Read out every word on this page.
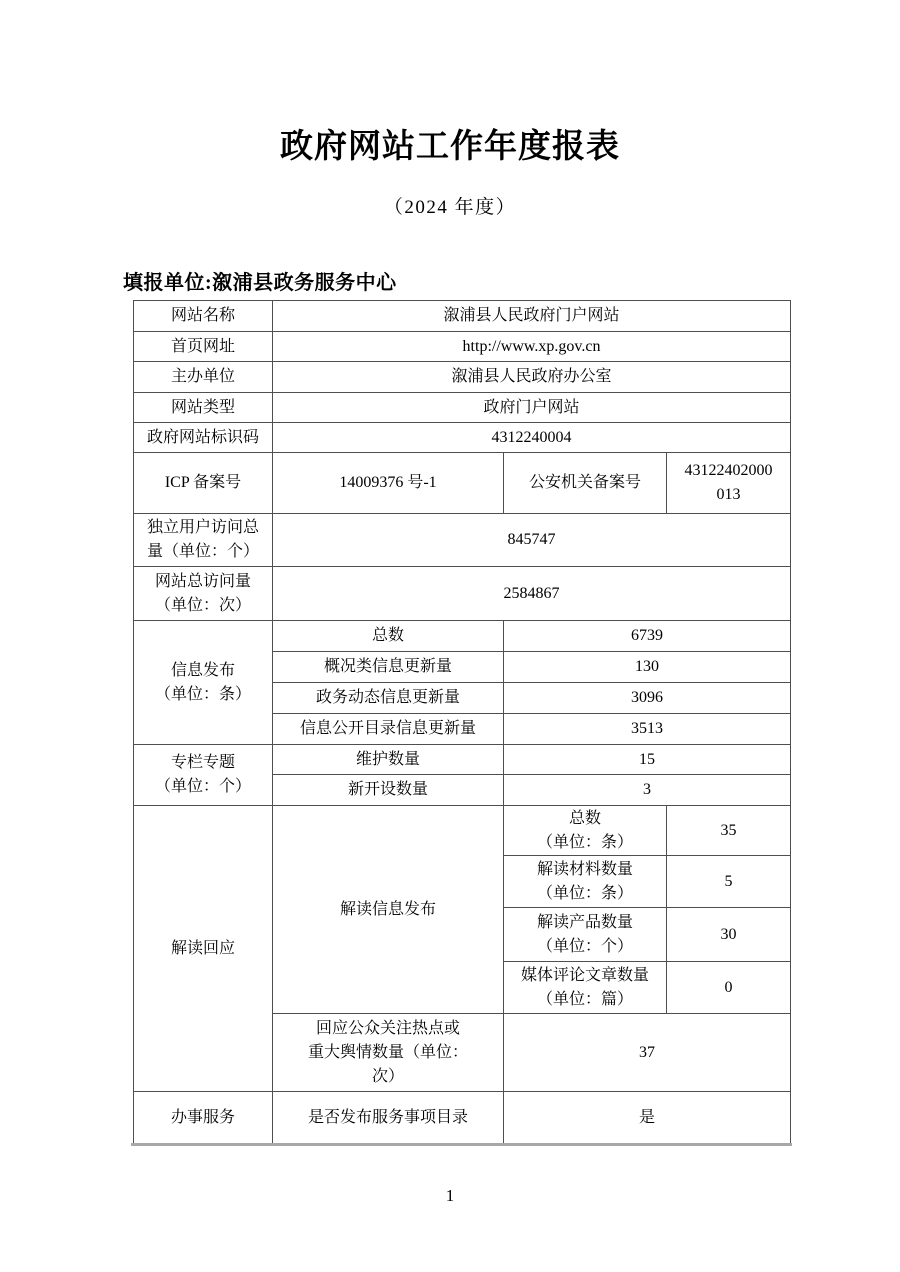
政府网站工作年度报表
（2024 年度）
填报单位:溆浦县政务服务中心
网站名称	溆浦县人民政府门户网站		
首页网址	http://www.xp.gov.cn		
主办单位	溆浦县人民政府办公室		
网站类型	政府门户网站		
政府网站标识码	4312240004		
ICP 备案号	14009376 号-1	公安机关备案号	43122402000
013
独立用户访问总
量（单位：个）	845747		
网站总访问量
（单位：次）	2584867		
信息发布
（单位：条）	总数	6739	
	概况类信息更新量	130	
	政务动态信息更新量	3096	
	信息公开目录信息更新量	3513	
专栏专题
（单位：个）	维护数量	15	
	新开设数量	3	
解读回应	解读信息发布	总数
（单位：条）	35
		解读材料数量
（单位：条）	5
		解读产品数量
（单位：个）	30
		媒体评论文章数量
（单位：篇）	0
	回应公众关注热点或
重大舆情数量（单位：
次）	37	
办事服务	是否发布服务事项目录	是	
1
